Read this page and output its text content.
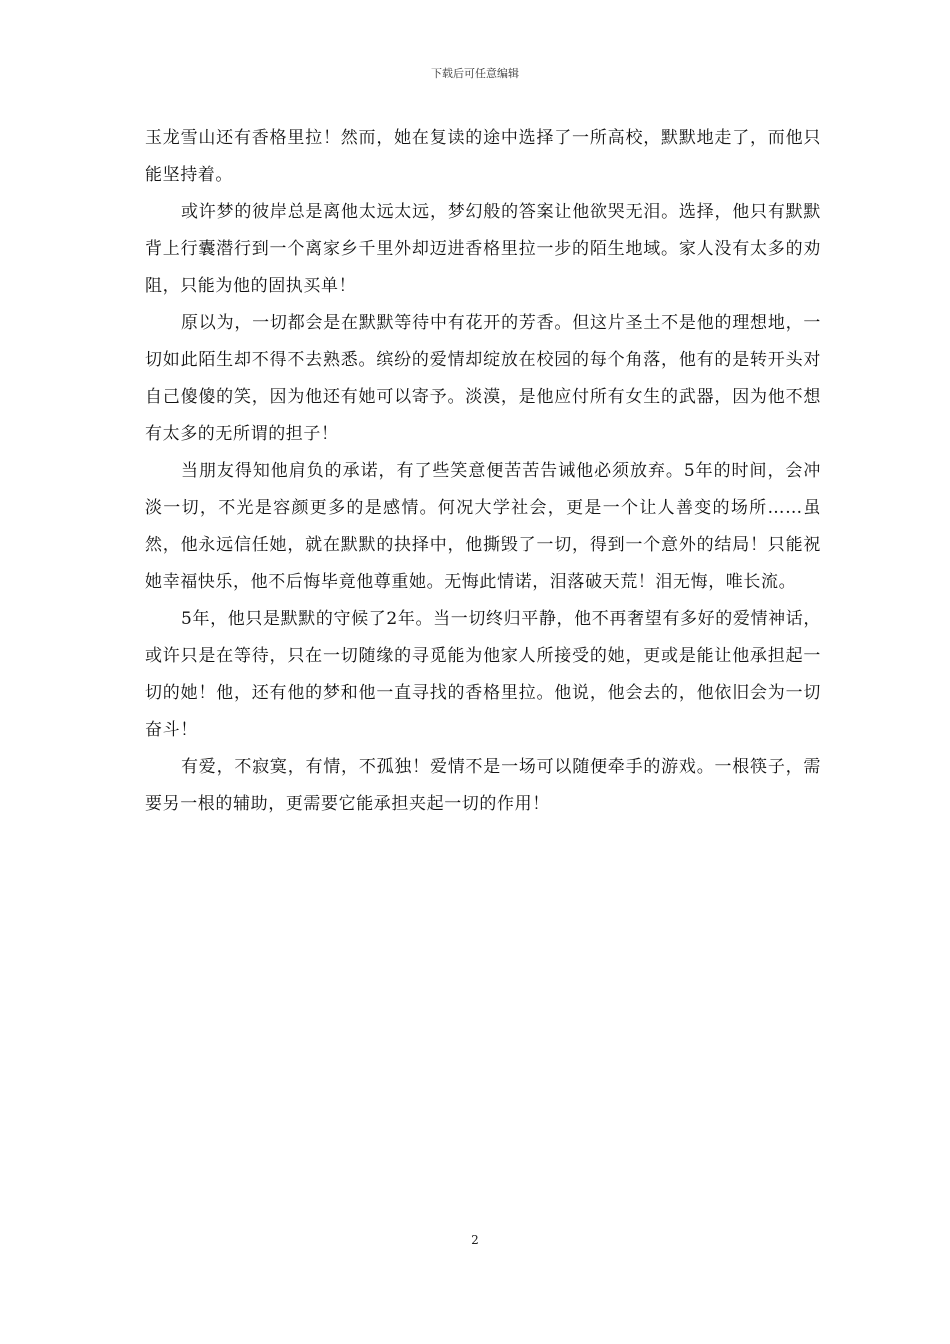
下载后可任意编辑

玉龙雪山还有香格里拉！然而，她在复读的途中选择了一所高校，默默地走了，而他只能坚持着。

或许梦的彼岸总是离他太远太远，梦幻般的答案让他欲哭无泪。选择，他只有默默背上行囊潜行到一个离家乡千里外却迈进香格里拉一步的陌生地域。家人没有太多的劝阻，只能为他的固执买单！

原以为，一切都会是在默默等待中有花开的芳香。但这片圣土不是他的理想地，一切如此陌生却不得不去熟悉。缤纷的爱情却绽放在校园的每个角落，他有的是转开头对自己傻傻的笑，因为他还有她可以寄予。淡漠，是他应付所有女生的武器，因为他不想有太多的无所谓的担子！

当朋友得知他肩负的承诺，有了些笑意便苦苦告诫他必须放弃。5年的时间，会冲淡一切，不光是容颜更多的是感情。何况大学社会，更是一个让人善变的场所……虽然，他永远信任她，就在默默的抉择中，他撕毁了一切，得到一个意外的结局！只能祝她幸福快乐，他不后悔毕竟他尊重她。无悔此情诺，泪落破天荒！泪无悔，唯长流。

5年，他只是默默的守候了2年。当一切终归平静，他不再奢望有多好的爱情神话，或许只是在等待，只在一切随缘的寻觅能为他家人所接受的她，更或是能让他承担起一切的她！他，还有他的梦和他一直寻找的香格里拉。他说，他会去的，他依旧会为一切奋斗！

有爱，不寂寞，有情，不孤独！爱情不是一场可以随便牵手的游戏。一根筷子，需要另一根的辅助，更需要它能承担夹起一切的作用！

2
